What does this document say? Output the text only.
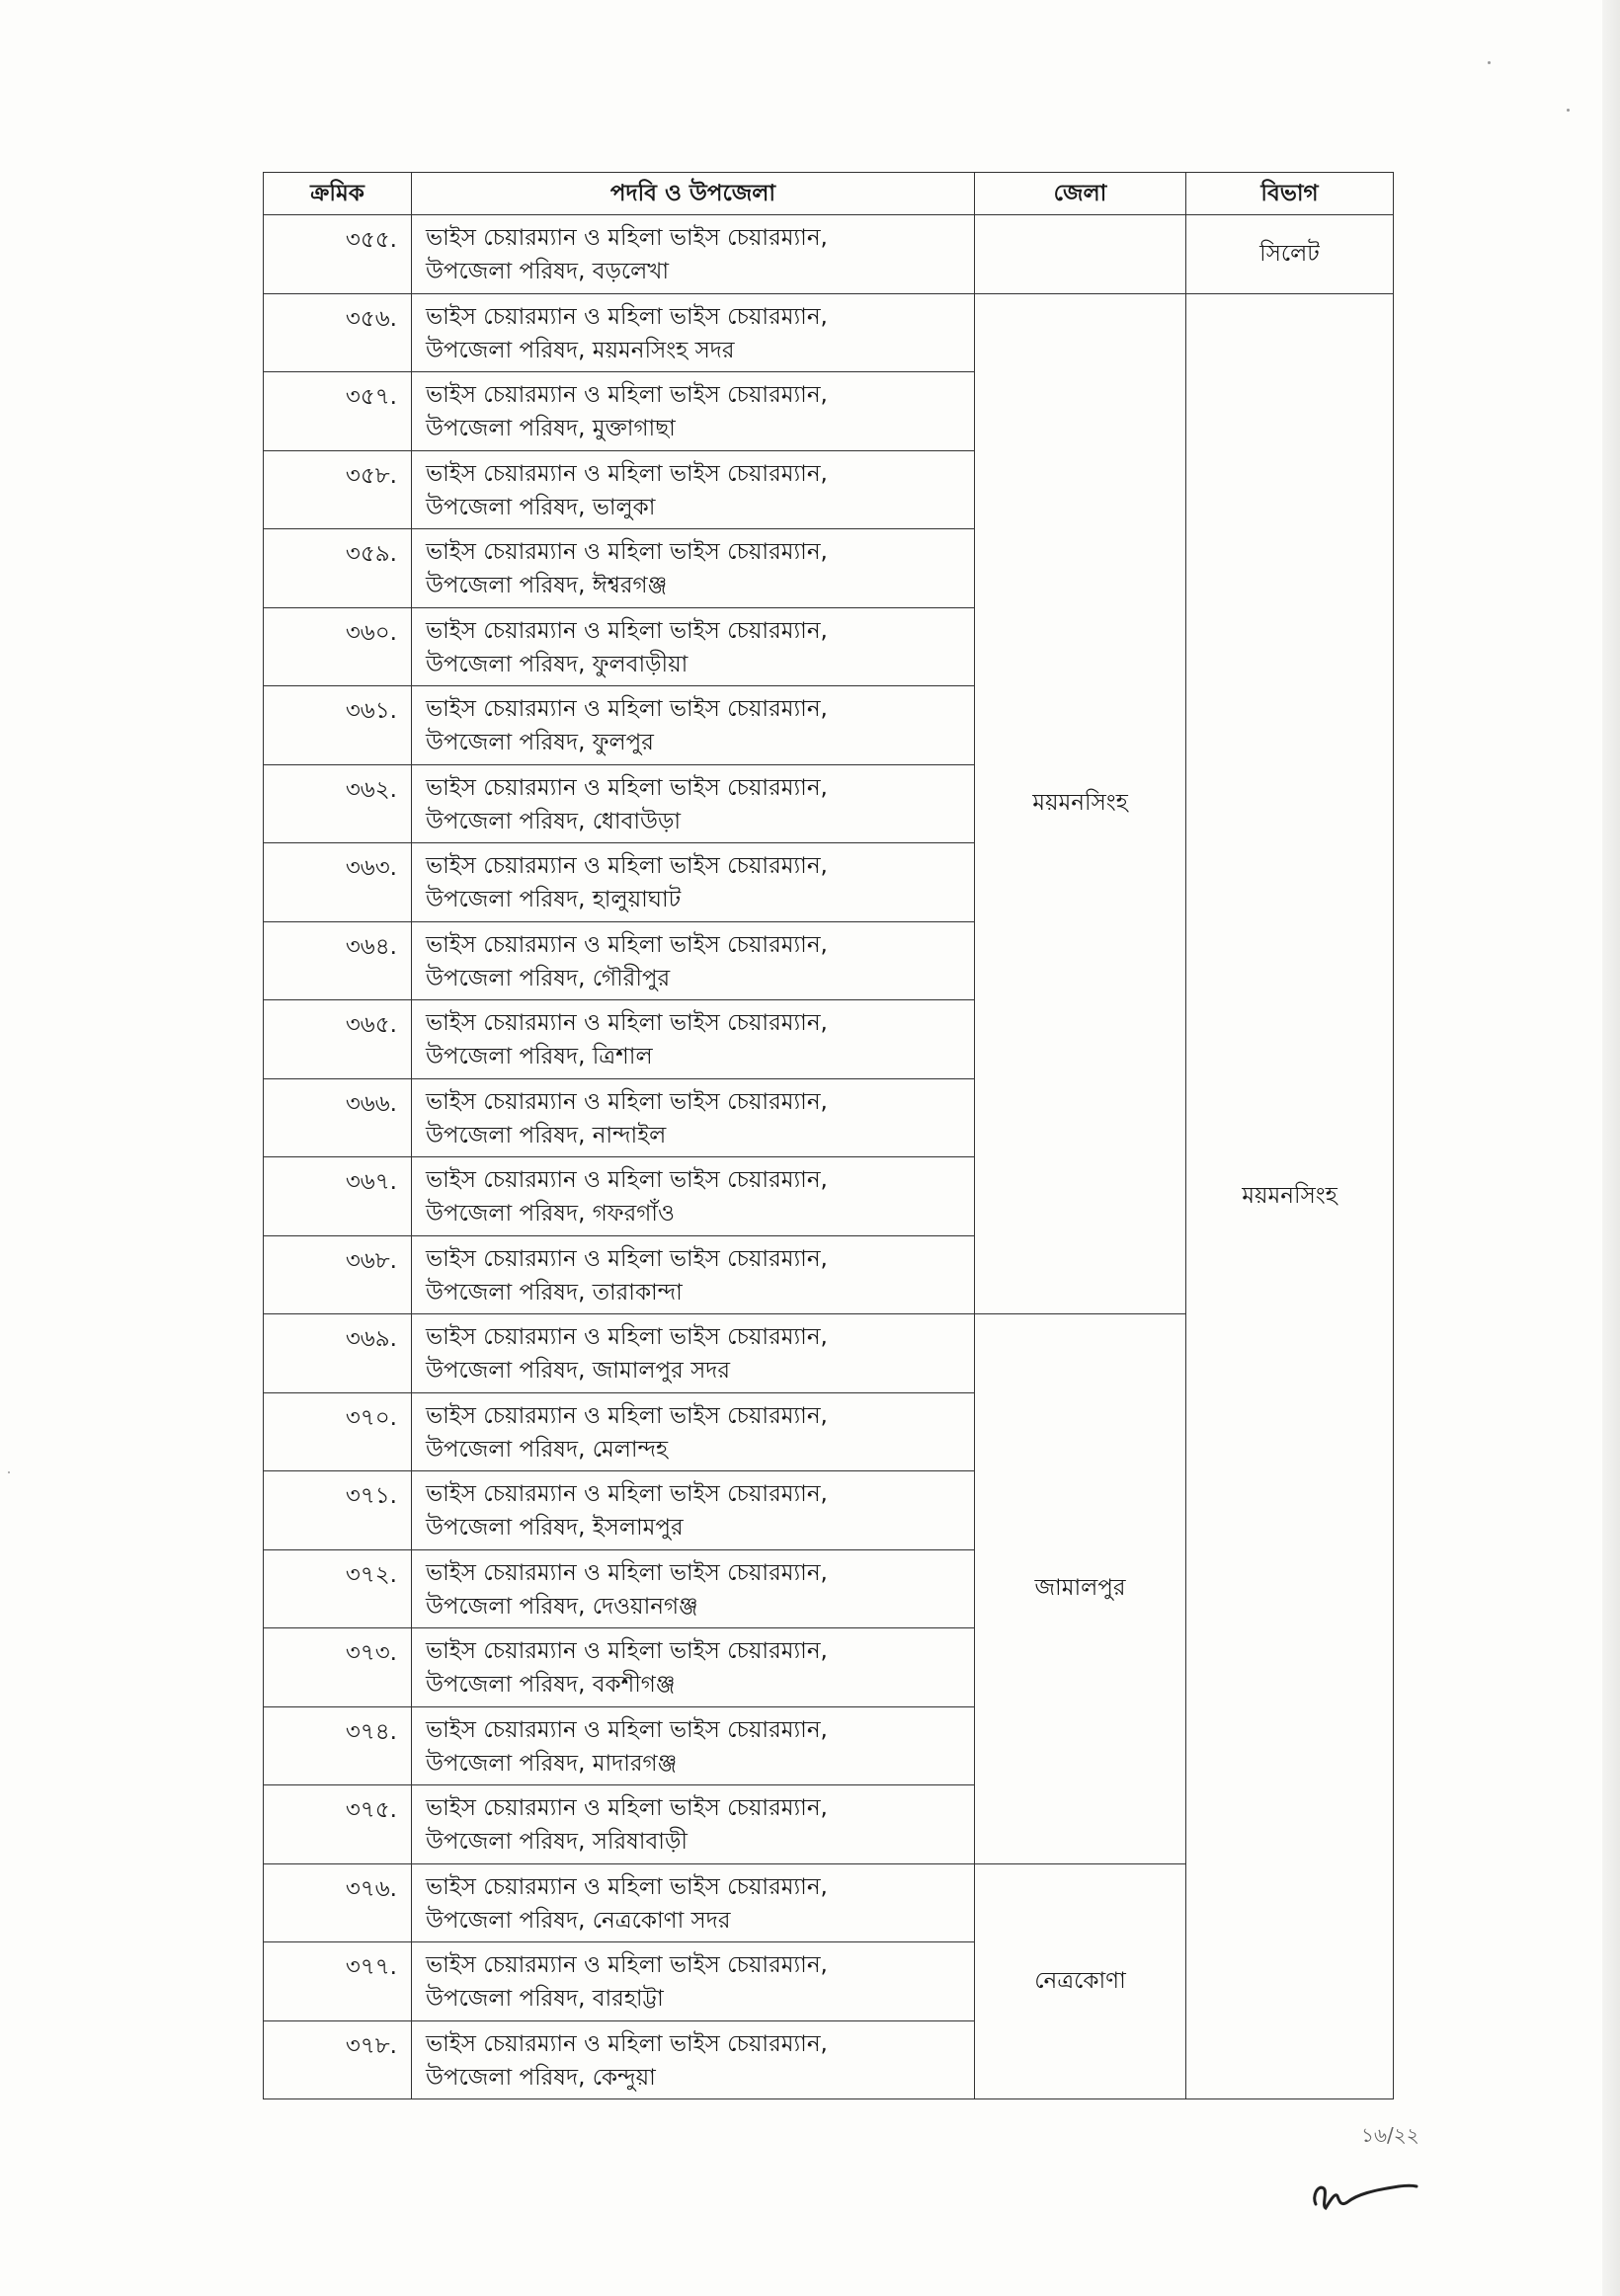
ক্রমিক	পদবি ও উপজেলা	জেলা	বিভাগ
৩৫৫.	ভাইস চেয়ারম্যান ও মহিলা ভাইস চেয়ারম্যান,
উপজেলা পরিষদ, বড়লেখা		সিলেট
৩৫৬.	ভাইস চেয়ারম্যান ও মহিলা ভাইস চেয়ারম্যান,
উপজেলা পরিষদ, ময়মনসিংহ সদর	ময়মনসিংহ	ময়মনসিংহ
৩৫৭.	ভাইস চেয়ারম্যান ও মহিলা ভাইস চেয়ারম্যান,
উপজেলা পরিষদ, মুক্তাগাছা		

৩৫৮.	ভাইস চেয়ারম্যান ও মহিলা ভাইস চেয়ারম্যান,
উপজেলা পরিষদ, ভালুকা		

৩৫৯.	ভাইস চেয়ারম্যান ও মহিলা ভাইস চেয়ারম্যান,
উপজেলা পরিষদ, ঈশ্বরগঞ্জ		

৩৬০.	ভাইস চেয়ারম্যান ও মহিলা ভাইস চেয়ারম্যান,
উপজেলা পরিষদ, ফুলবাড়ীয়া		

৩৬১.	ভাইস চেয়ারম্যান ও মহিলা ভাইস চেয়ারম্যান,
উপজেলা পরিষদ, ফুলপুর		

৩৬২.	ভাইস চেয়ারম্যান ও মহিলা ভাইস চেয়ারম্যান,
উপজেলা পরিষদ, ধোবাউড়া		

৩৬৩.	ভাইস চেয়ারম্যান ও মহিলা ভাইস চেয়ারম্যান,
উপজেলা পরিষদ, হালুয়াঘাট		

৩৬৪.	ভাইস চেয়ারম্যান ও মহিলা ভাইস চেয়ারম্যান,
উপজেলা পরিষদ, গৌরীপুর		

৩৬৫.	ভাইস চেয়ারম্যান ও মহিলা ভাইস চেয়ারম্যান,
উপজেলা পরিষদ, ত্রিশাল		

৩৬৬.	ভাইস চেয়ারম্যান ও মহিলা ভাইস চেয়ারম্যান,
উপজেলা পরিষদ, নান্দাইল		

৩৬৭.	ভাইস চেয়ারম্যান ও মহিলা ভাইস চেয়ারম্যান,
উপজেলা পরিষদ, গফরগাঁও		

৩৬৮.	ভাইস চেয়ারম্যান ও মহিলা ভাইস চেয়ারম্যান,
উপজেলা পরিষদ, তারাকান্দা		

৩৬৯.	ভাইস চেয়ারম্যান ও মহিলা ভাইস চেয়ারম্যান,
উপজেলা পরিষদ, জামালপুর সদর	জামালপুর	
৩৭০.	ভাইস চেয়ারম্যান ও মহিলা ভাইস চেয়ারম্যান,
উপজেলা পরিষদ, মেলান্দহ		

৩৭১.	ভাইস চেয়ারম্যান ও মহিলা ভাইস চেয়ারম্যান,
উপজেলা পরিষদ, ইসলামপুর		

৩৭২.	ভাইস চেয়ারম্যান ও মহিলা ভাইস চেয়ারম্যান,
উপজেলা পরিষদ, দেওয়ানগঞ্জ		

৩৭৩.	ভাইস চেয়ারম্যান ও মহিলা ভাইস চেয়ারম্যান,
উপজেলা পরিষদ, বকশীগঞ্জ		

৩৭৪.	ভাইস চেয়ারম্যান ও মহিলা ভাইস চেয়ারম্যান,
উপজেলা পরিষদ, মাদারগঞ্জ		

৩৭৫.	ভাইস চেয়ারম্যান ও মহিলা ভাইস চেয়ারম্যান,
উপজেলা পরিষদ, সরিষাবাড়ী		

৩৭৬.	ভাইস চেয়ারম্যান ও মহিলা ভাইস চেয়ারম্যান,
উপজেলা পরিষদ, নেত্রকোণা সদর	নেত্রকোণা	
৩৭৭.	ভাইস চেয়ারম্যান ও মহিলা ভাইস চেয়ারম্যান,
উপজেলা পরিষদ, বারহাট্টা		

৩৭৮.	ভাইস চেয়ারম্যান ও মহিলা ভাইস চেয়ারম্যান,
উপজেলা পরিষদ, কেন্দুয়া		
১৬/২২
